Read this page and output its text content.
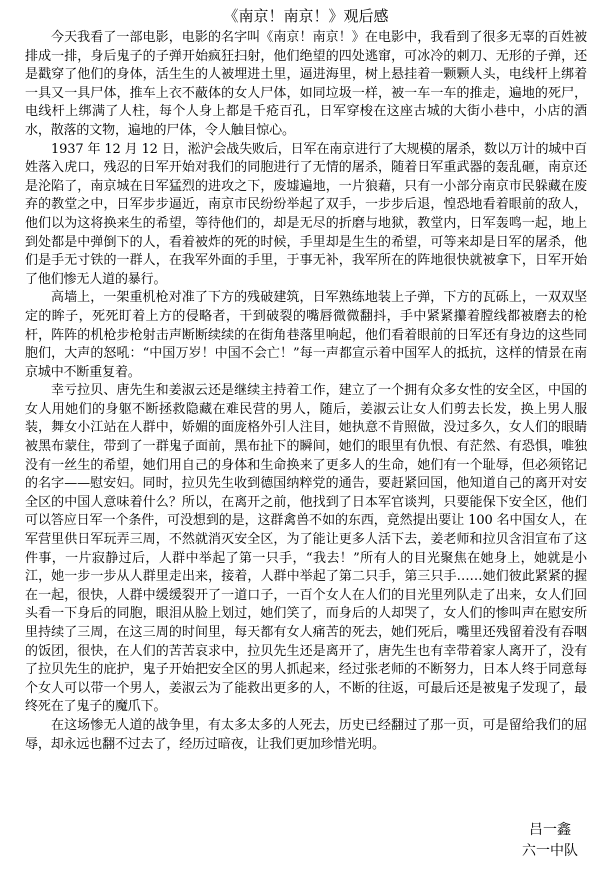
《南京！南京！》观后感

今天我看了一部电影，电影的名字叫《南京！南京！》在电影中，我看到了很多无辜的百姓被排成一排，身后鬼子的子弹开始疯狂扫射，他们绝望的四处逃窜，可冰冷的刺刀、无形的子弹，还是戳穿了他们的身体，活生生的人被埋进土里，逼进海里，树上悬挂着一颗颗人头，电线杆上绑着一具又一具尸体，推车上衣不蔽体的女人尸体，如同垃圾一样，被一车一车的推走，遍地的死尸，电线杆上绑满了人柱，每个人身上都是千疮百孔，日军穿梭在这座古城的大街小巷中，小店的酒水，散落的文物，遍地的尸体，令人触目惊心。

1937 年 12 月 12 日，淞沪会战失败后，日军在南京进行了大规模的屠杀，数以万计的城中百姓落入虎口，残忍的日军开始对我们的同胞进行了无情的屠杀，随着日军重武器的轰乱砸，南京还是沦陷了，南京城在日军猛烈的进攻之下，废墟遍地，一片狼藉，只有一小部分南京市民躲藏在废弃的教堂之中，日军步步逼近，南京市民纷纷举起了双手，一步步后退，惶恐地看着眼前的敌人，他们以为这将换来生的希望，等待他们的，却是无尽的折磨与地狱，教堂内，日军轰鸣一起，地上到处都是中弹倒下的人，看着被炸的死的时候，手里却是生生的希望，可等来却是日军的屠杀，他们是手无寸铁的一群人，在我军外面的手里，于事无补，我军所在的阵地很快就被拿下，日军开始了他们惨无人道的暴行。

高墙上，一架重机枪对准了下方的残破建筑，日军熟练地装上子弹，下方的瓦砾上，一双双坚定的眸子，死死盯着上方的侵略者，干到破裂的嘴唇微微翻抖，手中紧紧攥着膛线都被磨去的枪杆，阵阵的机枪步枪射击声断断续续的在街角巷落里响起，他们看着眼前的日军还有身边的这些同胞们，大声的怒吼：“中国万岁！中国不会亡！”每一声都宣示着中国军人的抵抗，这样的情景在南京城中不断重复着。

幸亏拉贝、唐先生和姜淑云还是继续主持着工作，建立了一个拥有众多女性的安全区，中国的女人用她们的身躯不断拯救隐藏在难民营的男人，随后，姜淑云让女人们剪去长发，换上男人服装，舞女小江站在人群中，娇媚的面庞格外引人注目，她执意不肯照做，没过多久，女人们的眼睛被黑布蒙住，带到了一群鬼子面前，黑布扯下的瞬间，她们的眼里有仇恨、有茫然、有恐惧，唯独没有一丝生的希望，她们用自己的身体和生命换来了更多人的生命，她们有一个耻辱，但必须铭记的名字——慰安妇。同时，拉贝先生收到德国纳粹党的通告，要赶紧回国，他知道自己的离开对安全区的中国人意味着什么？所以，在离开之前，他找到了日本军官谈判，只要能保下安全区，他们可以答应日军一个条件，可没想到的是，这群禽兽不如的东西，竟然提出要让 100 名中国女人，在军营里供日军玩弄三周，不然就消灭安全区，为了能让更多人活下去，姜老师和拉贝含泪宣布了这件事，一片寂静过后，人群中举起了第一只手，“我去！”所有人的目光聚焦在她身上，她就是小江，她一步一步从人群里走出来，接着，人群中举起了第二只手，第三只手……她们彼此紧紧的握在一起，很快，人群中缓缓裂开了一道口子，一百个女人在人们的目光里列队走了出来，女人们回头看一下身后的同胞，眼泪从脸上划过，她们笑了，而身后的人却哭了，女人们的惨叫声在慰安所里持续了三周，在这三周的时间里，每天都有女人痛苦的死去，她们死后，嘴里还残留着没有吞咽的饭团，很快，在人们的苦苦哀求中，拉贝先生还是离开了，唐先生也有幸带着家人离开了，没有了拉贝先生的庇护，鬼子开始把安全区的男人抓起来，经过张老师的不断努力，日本人终于同意每个女人可以带一个男人，姜淑云为了能救出更多的人，不断的往返，可最后还是被鬼子发现了，最终死在了鬼子的魔爪下。

在这场惨无人道的战争里，有太多太多的人死去，历史已经翻过了那一页，可是留给我们的屈辱，却永远也翻不过去了，经历过暗夜，让我们更加珍惜光明。

吕一鑫
六一中队
